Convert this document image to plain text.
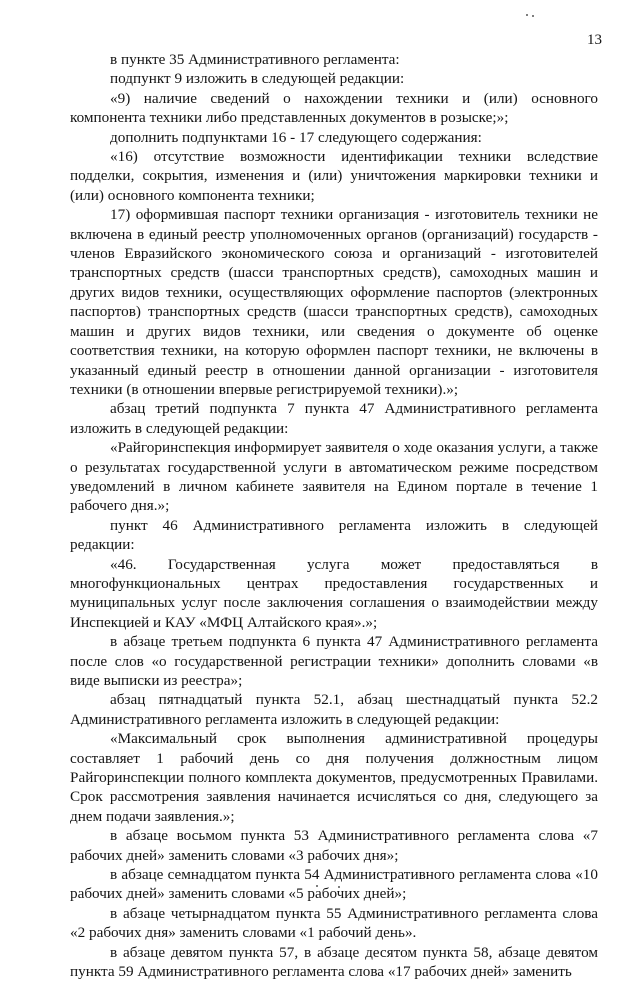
13

в пункте 35 Административного регламента:

подпункт 9 изложить в следующей редакции:

«9) наличие сведений о нахождении техники и (или) основного компонента техники либо представленных документов в розыске;»;

дополнить подпунктами 16 - 17 следующего содержания:

«16) отсутствие возможности идентификации техники вследствие подделки, сокрытия, изменения и (или) уничтожения маркировки техники и (или) основного компонента техники;

17) оформившая паспорт техники организация - изготовитель техники не включена в единый реестр уполномоченных органов (организаций) государств - членов Евразийского экономического союза и организаций - изготовителей транспортных средств (шасси транспортных средств), самоходных машин и других видов техники, осуществляющих оформление паспортов (электронных паспортов) транспортных средств (шасси транспортных средств), самоходных машин и других видов техники, или сведения о документе об оценке соответствия техники, на которую оформлен паспорт техники, не включены в указанный единый реестр в отношении данной организации - изготовителя техники (в отношении впервые регистрируемой техники).»;

абзац третий подпункта 7 пункта 47 Административного регламента изложить в следующей редакции:

«Райгоринспекция информирует заявителя о ходе оказания услуги, а также о результатах государственной услуги в автоматическом режиме посредством уведомлений в личном кабинете заявителя на Едином портале в течение 1 рабочего дня.»;

пункт 46 Административного регламента изложить в следующей редакции:

«46. Государственная услуга может предоставляться в многофункциональных центрах предоставления государственных и муниципальных услуг после заключения соглашения о взаимодействии между Инспекцией и КАУ «МФЦ Алтайского края».»;

в абзаце третьем подпункта 6 пункта 47 Административного регламента после слов «о государственной регистрации техники» дополнить словами «в виде выписки из реестра»;

абзац пятнадцатый пункта 52.1, абзац шестнадцатый пункта 52.2 Административного регламента изложить в следующей редакции:

«Максимальный срок выполнения административной процедуры составляет 1 рабочий день со дня получения должностным лицом Райгоринспекции полного комплекта документов, предусмотренных Правилами. Срок рассмотрения заявления начинается исчисляться со дня, следующего за днем подачи заявления.»;

в абзаце восьмом пункта 53 Административного регламента слова «7 рабочих дней» заменить словами «3 рабочих дня»;

в абзаце семнадцатом пункта 54 Административного регламента слова «10 рабочих дней» заменить словами «5 рабочих дней»;

в абзаце четырнадцатом пункта 55 Административного регламента слова «2 рабочих дня» заменить словами «1 рабочий день».

в абзаце девятом пункта 57, в абзаце десятом пункта 58, абзаце девятом пункта 59 Административного регламента слова «17 рабочих дней» заменить
